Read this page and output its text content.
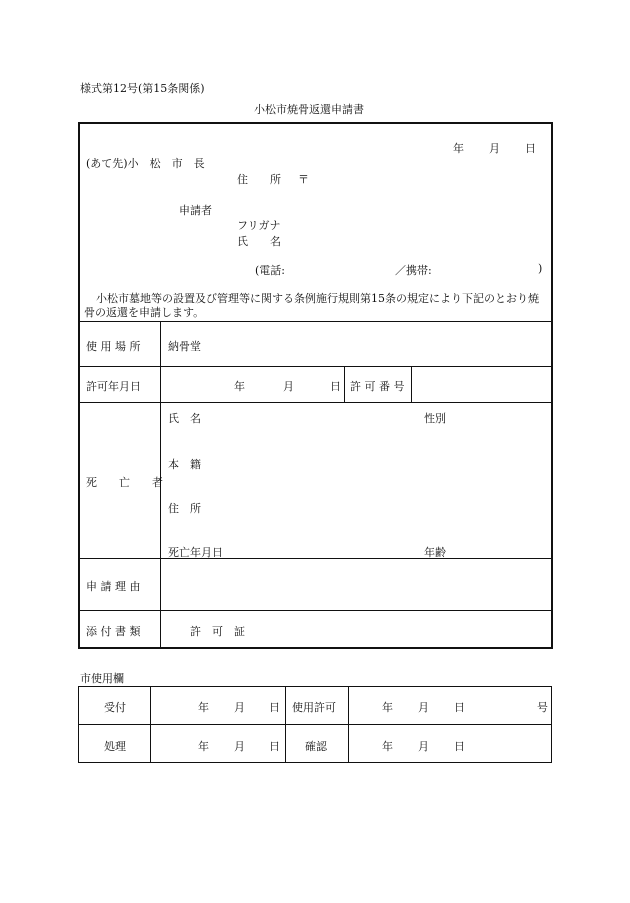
様式第12号(第15条関係)
小松市焼骨返還申請書
年 月 日
(あて先)小　松　市　長
住　　所 〒
申請者
フリガナ
氏　　名
(電話:	／携帯:	)
小松市墓地等の設置及び管理等に関する条例施行規則第15条の規定により下記のとおり焼骨の返還を申請します。
使 用 場 所	納骨堂
許可年月日	年	月	日 許 可 番 号
死　　亡　　者
氏　名	性別
本　籍
住　所
死亡年月日	年齢
申 請 理 由
添 付 書 類	許　可　証
市使用欄
受付	年 月 日 使用許可	年 月 日	号
処理	年 月 日 確認	年 月 日
